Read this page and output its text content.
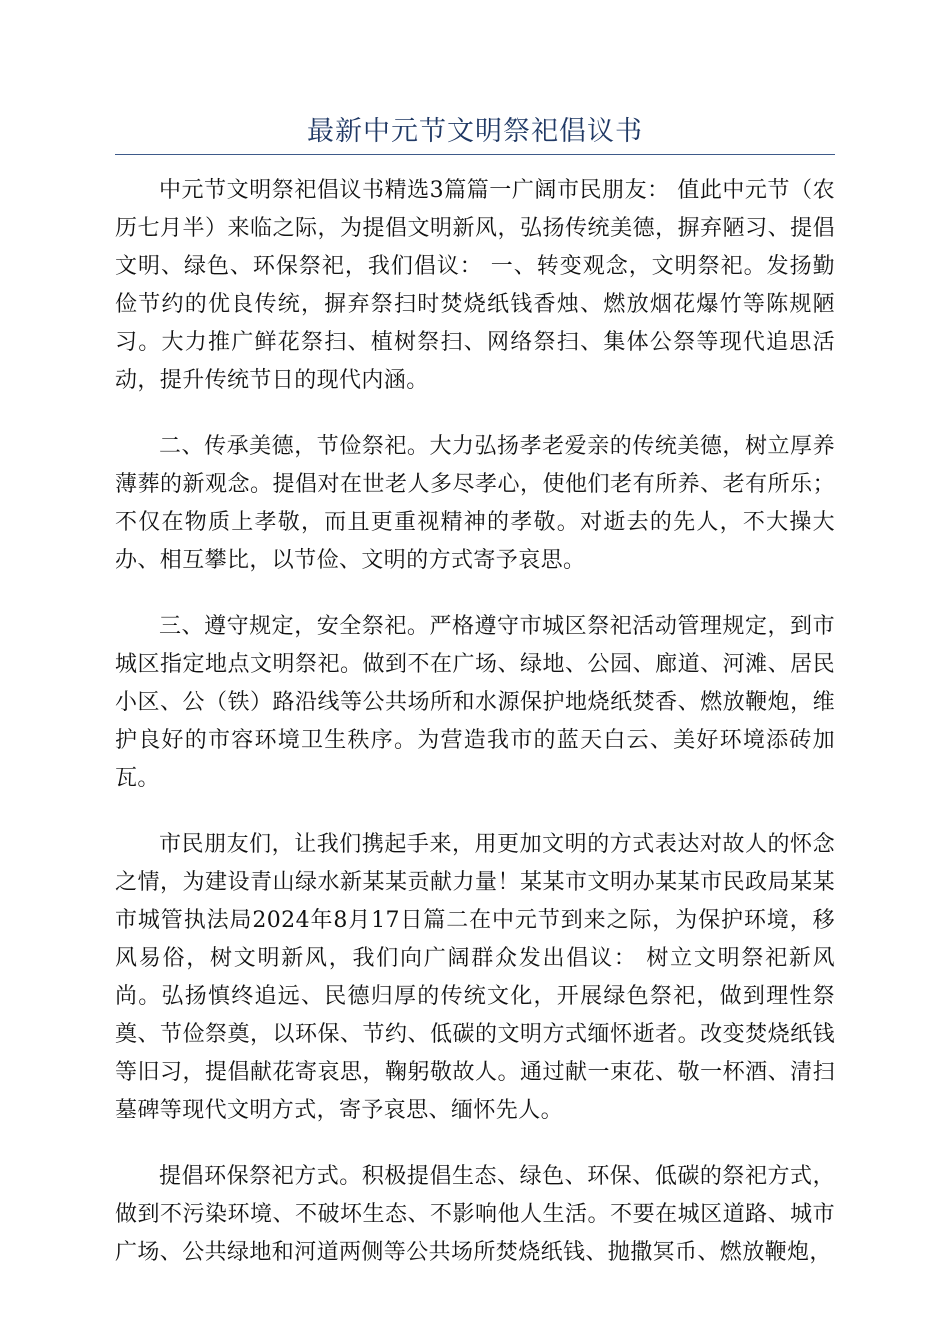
最新中元节文明祭祀倡议书

中元节文明祭祀倡议书精选3篇篇一广阔市民朋友： 值此中元节（农历七月半）来临之际，为提倡文明新风，弘扬传统美德，摒弃陋习、提倡文明、绿色、环保祭祀，我们倡议： 一、转变观念，文明祭祀。发扬勤俭节约的优良传统，摒弃祭扫时焚烧纸钱香烛、燃放烟花爆竹等陈规陋习。大力推广鲜花祭扫、植树祭扫、网络祭扫、集体公祭等现代追思活动，提升传统节日的现代内涵。

二、传承美德，节俭祭祀。大力弘扬孝老爱亲的传统美德，树立厚养薄葬的新观念。提倡对在世老人多尽孝心，使他们老有所养、老有所乐；不仅在物质上孝敬，而且更重视精神的孝敬。对逝去的先人，不大操大办、相互攀比，以节俭、文明的方式寄予哀思。

三、遵守规定，安全祭祀。严格遵守市城区祭祀活动管理规定，到市城区指定地点文明祭祀。做到不在广场、绿地、公园、廊道、河滩、居民小区、公（铁）路沿线等公共场所和水源保护地烧纸焚香、燃放鞭炮，维护良好的市容环境卫生秩序。为营造我市的蓝天白云、美好环境添砖加瓦。

市民朋友们，让我们携起手来，用更加文明的方式表达对故人的怀念之情，为建设青山绿水新某某贡献力量！某某市文明办某某市民政局某某市城管执法局2024年8月17日篇二在中元节到来之际，为保护环境，移风易俗，树文明新风，我们向广阔群众发出倡议： 树立文明祭祀新风尚。弘扬慎终追远、民德归厚的传统文化，开展绿色祭祀，做到理性祭奠、节俭祭奠，以环保、节约、低碳的文明方式缅怀逝者。改变焚烧纸钱等旧习，提倡献花寄哀思，鞠躬敬故人。通过献一束花、敬一杯酒、清扫墓碑等现代文明方式，寄予哀思、缅怀先人。

提倡环保祭祀方式。积极提倡生态、绿色、环保、低碳的祭祀方式，做到不污染环境、不破坏生态、不影响他人生活。不要在城区道路、城市广场、公共绿地和河道两侧等公共场所焚烧纸钱、抛撒冥币、燃放鞭炮，
